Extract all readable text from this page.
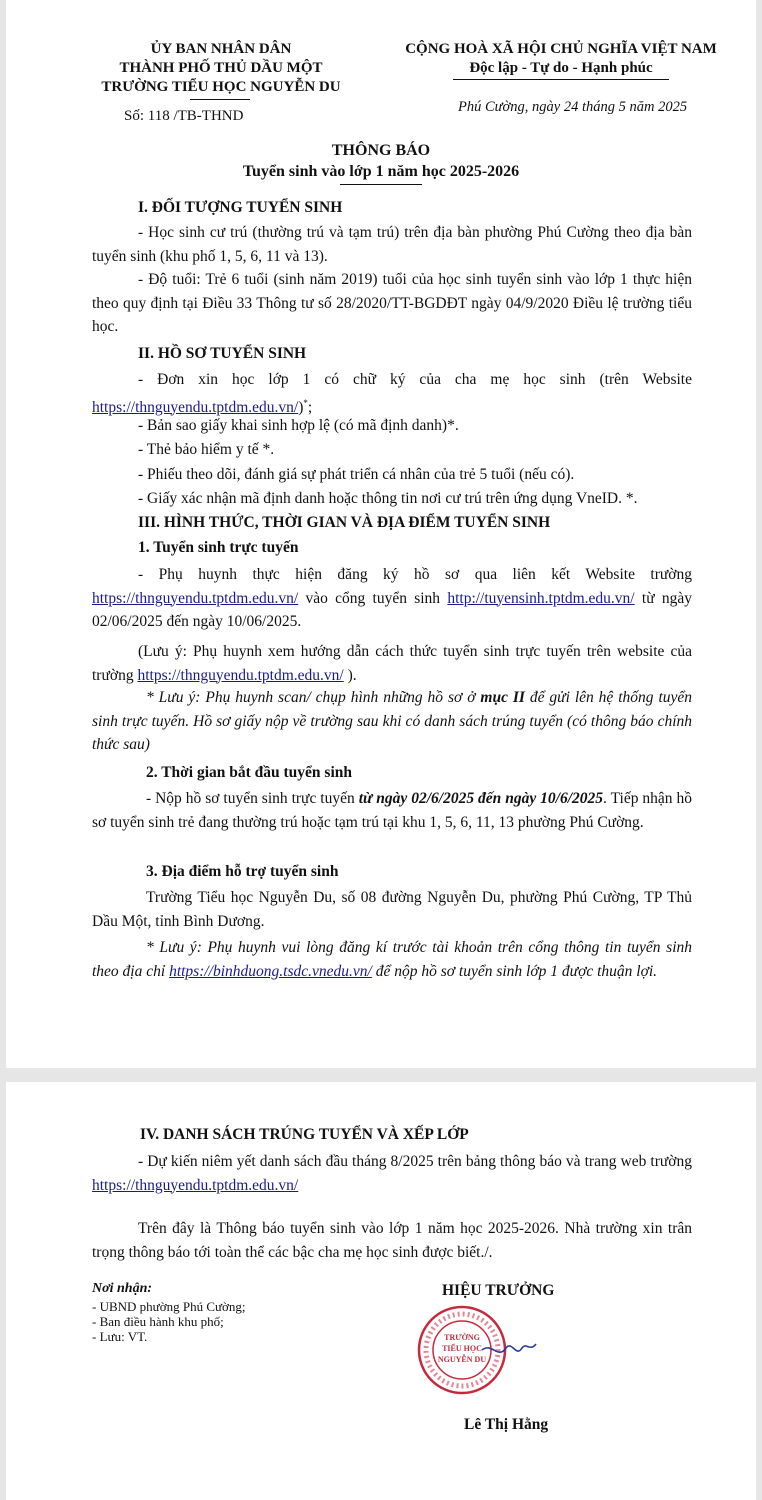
ỦY BAN NHÂN DÂN
THÀNH PHỐ THỦ DẦU MỘT
TRƯỜNG TIỂU HỌC NGUYỄN DU
Số: 118 /TB-THND
CỘNG HOÀ XÃ HỘI CHỦ NGHĨA VIỆT NAM
Độc lập - Tự do - Hạnh phúc
Phú Cường, ngày 24 tháng 5 năm 2025
THÔNG BÁO
Tuyển sinh vào lớp 1 năm học 2025-2026
I. ĐỐI TƯỢNG TUYỂN SINH
- Học sinh cư trú (thường trú và tạm trú) trên địa bàn phường Phú Cường theo địa bàn tuyển sinh (khu phố 1, 5, 6, 11 và 13).
- Độ tuổi: Trẻ 6 tuổi (sinh năm 2019) tuổi của học sinh tuyển sinh vào lớp 1 thực hiện theo quy định tại Điều 33 Thông tư số 28/2020/TT-BGDĐT ngày 04/9/2020 Điều lệ trường tiểu học.
II. HỒ SƠ TUYỂN SINH
- Đơn xin học lớp 1 có chữ ký của cha mẹ học sinh (trên Website https://thnguyendu.tptdm.edu.vn/)*;
- Bản sao giấy khai sinh hợp lệ (có mã định danh)*.
- Thẻ bảo hiểm y tế *.
- Phiếu theo dõi, đánh giá sự phát triển cá nhân của trẻ 5 tuổi (nếu có).
- Giấy xác nhận mã định danh hoặc thông tin nơi cư trú trên ứng dụng VneID. *.
III. HÌNH THỨC, THỜI GIAN VÀ ĐỊA ĐIỂM TUYỂN SINH
1. Tuyển sinh trực tuyến
- Phụ huynh thực hiện đăng ký hồ sơ qua liên kết Website trường https://thnguyendu.tptdm.edu.vn/ vào cổng tuyển sinh http://tuyensinh.tptdm.edu.vn/ từ ngày 02/06/2025 đến ngày 10/06/2025.
(Lưu ý: Phụ huynh xem hướng dẫn cách thức tuyển sinh trực tuyến trên website của trường https://thnguyendu.tptdm.edu.vn/ ).
* Lưu ý: Phụ huynh scan/ chụp hình những hồ sơ ở mục II để gửi lên hệ thống tuyển sinh trực tuyến. Hồ sơ giấy nộp về trường sau khi có danh sách trúng tuyển (có thông báo chính thức sau)
2. Thời gian bắt đầu tuyển sinh
- Nộp hồ sơ tuyển sinh trực tuyến từ ngày 02/6/2025 đến ngày 10/6/2025. Tiếp nhận hồ sơ tuyển sinh trẻ đang thường trú hoặc tạm trú tại khu 1, 5, 6, 11, 13 phường Phú Cường.
3. Địa điểm hỗ trợ tuyển sinh
Trường Tiểu học Nguyễn Du, số 08 đường Nguyễn Du, phường Phú Cường, TP Thủ Dầu Một, tỉnh Bình Dương.
* Lưu ý: Phụ huynh vui lòng đăng kí trước tài khoản trên cổng thông tin tuyển sinh theo địa chỉ https://binhduong.tsdc.vnedu.vn/ để nộp hồ sơ tuyển sinh lớp 1 được thuận lợi.
IV. DANH SÁCH TRÚNG TUYỂN VÀ XẾP LỚP
- Dự kiến niêm yết danh sách đầu tháng 8/2025 trên bảng thông báo và trang web trường https://thnguyendu.tptdm.edu.vn/
Trên đây là Thông báo tuyển sinh vào lớp 1 năm học 2025-2026. Nhà trường xin trân trọng thông báo tới toàn thể các bậc cha mẹ học sinh được biết./.
Nơi nhận:
- UBND phường Phú Cường;
- Ban điều hành khu phố;
- Lưu: VT.
HIỆU TRƯỞNG
TRƯỜNG
TIỂU HỌC
NGUYỄN DU
Lê Thị Hằng
